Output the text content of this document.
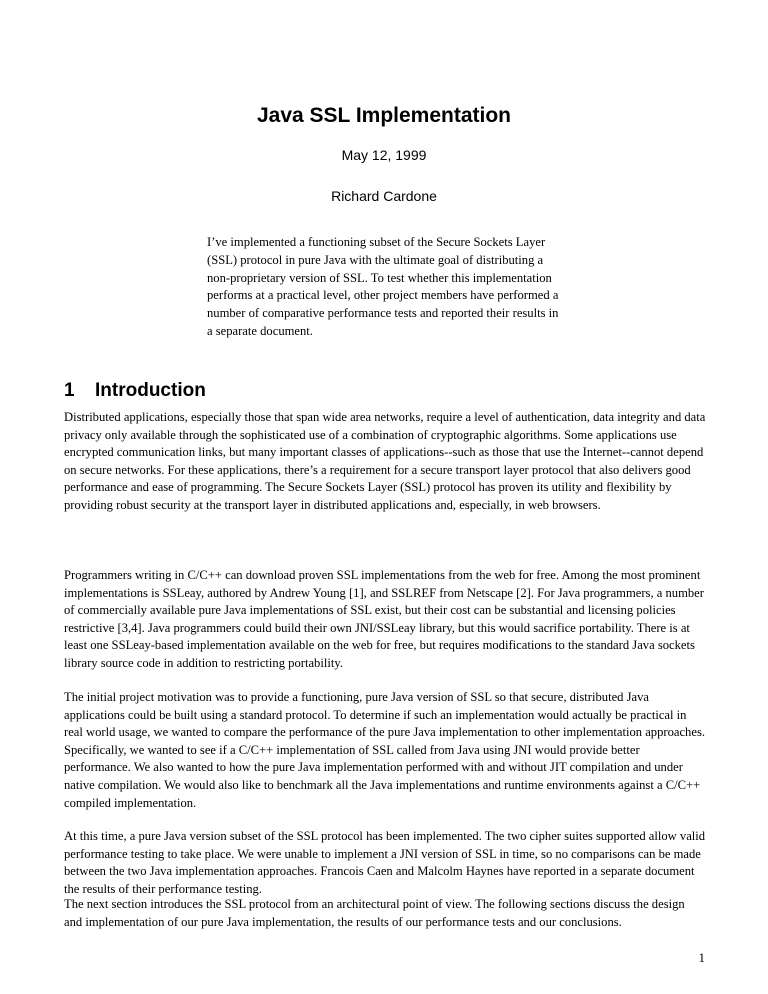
Java SSL Implementation
May 12, 1999
Richard Cardone

I’ve implemented a functioning subset of the Secure Sockets Layer (SSL) protocol in pure Java with the ultimate goal of distributing a non-proprietary version of SSL. To test whether this implementation performs at a practical level, other project members have performed a number of comparative performance tests and reported their results in a separate document.

1 Introduction

Distributed applications, especially those that span wide area networks, require a level of authentication, data integrity and data privacy only available through the sophisticated use of a combination of cryptographic algorithms. Some applications use encrypted communication links, but many important classes of applications--such as those that use the Internet--cannot depend on secure networks. For these applications, there’s a requirement for a secure transport layer protocol that also delivers good performance and ease of programming. The Secure Sockets Layer (SSL) protocol has proven its utility and flexibility by providing robust security at the transport layer in distributed applications and, especially, in web browsers.

Programmers writing in C/C++ can download proven SSL implementations from the web for free. Among the most prominent implementations is SSLeay, authored by Andrew Young [1], and SSLREF from Netscape [2]. For Java programmers, a number of commercially available pure Java implementations of SSL exist, but their cost can be substantial and licensing policies restrictive [3,4]. Java programmers could build their own JNI/SSLeay library, but this would sacrifice portability. There is at least one SSLeay-based implementation available on the web for free, but requires modifications to the standard Java sockets library source code in addition to restricting portability.

The initial project motivation was to provide a functioning, pure Java version of SSL so that secure, distributed Java applications could be built using a standard protocol. To determine if such an implementation would actually be practical in real world usage, we wanted to compare the performance of the pure Java implementation to other implementation approaches. Specifically, we wanted to see if a C/C++ implementation of SSL called from Java using JNI would provide better performance. We also wanted to how the pure Java implementation performed with and without JIT compilation and under native compilation. We would also like to benchmark all the Java implementations and runtime environments against a C/C++ compiled implementation.

At this time, a pure Java version subset of the SSL protocol has been implemented. The two cipher suites supported allow valid performance testing to take place. We were unable to implement a JNI version of SSL in time, so no comparisons can be made between the two Java implementation approaches. Francois Caen and Malcolm Haynes have reported in a separate document the results of their performance testing.

The next section introduces the SSL protocol from an architectural point of view. The following sections discuss the design and implementation of our pure Java implementation, the results of our performance tests and our conclusions.

1
